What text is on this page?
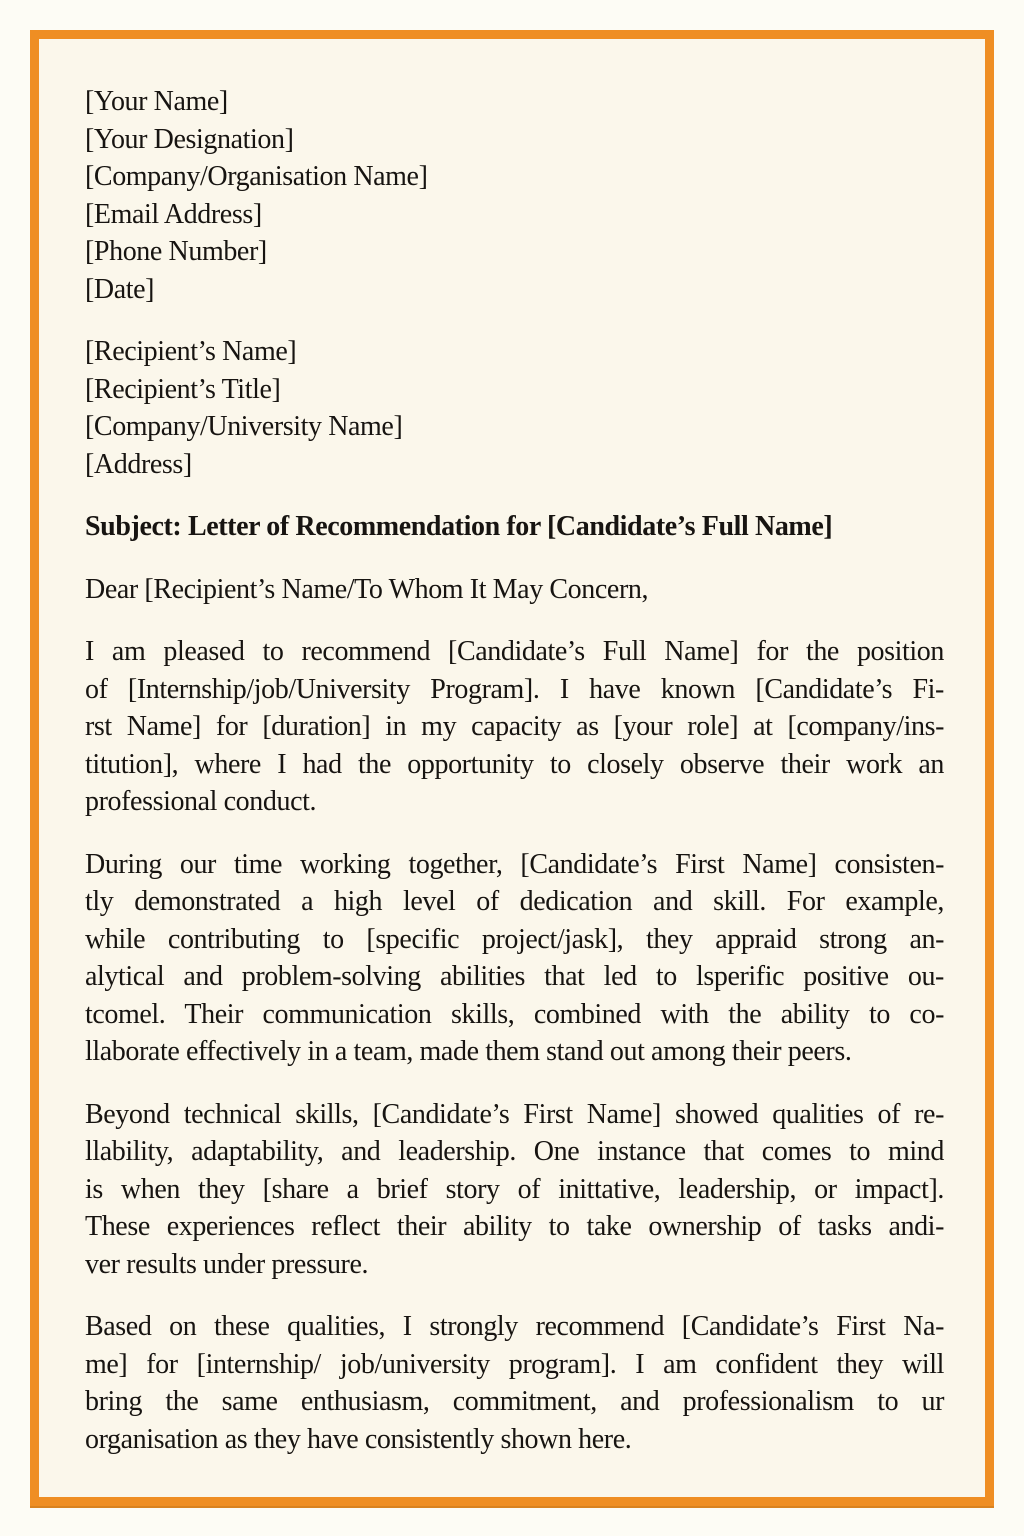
[Your Name]
[Your Designation]
[Company/Organisation Name]
[Email Address]
[Phone Number]
[Date]
[Recipient’s Name]
[Recipient’s Title]
[Company/University Name]
[Address]
Subject: Letter of Recommendation for [Candidate’s Full Name]
Dear [Recipient’s Name/To Whom It May Concern,
I am pleased to recommend [Candidate’s Full Name] for the position
of [Internship/job/University Program]. I have known [Candidate’s Fi-
rst Name] for [duration] in my capacity as [your role] at [company/ins-
titution], where I had the opportunity to closely observe their work an
professional conduct.
During our time working together, [Candidate’s First Name] consisten-
tly demonstrated a high level of dedication and skill. For example,
while contributing to [specific project/jask], they appraid strong an-
alytical and problem-solving abilities that led to lsperific positive ou-
tcomel. Their communication skills, combined with the ability to co-
llaborate effectively in a team, made them stand out among their peers.
Beyond technical skills, [Candidate’s First Name] showed qualities of re-
llability, adaptability, and leadership. One instance that comes to mind
is when they [share a brief story of inittative, leadership, or impact].
These experiences reflect their ability to take ownership of tasks andi-
ver results under pressure.
Based on these qualities, I strongly recommend [Candidate’s First Na-
me] for [internship/ job/university program]. I am confident they will
bring the same enthusiasm, commitment, and professionalism to ur
organisation as they have consistently shown here.
